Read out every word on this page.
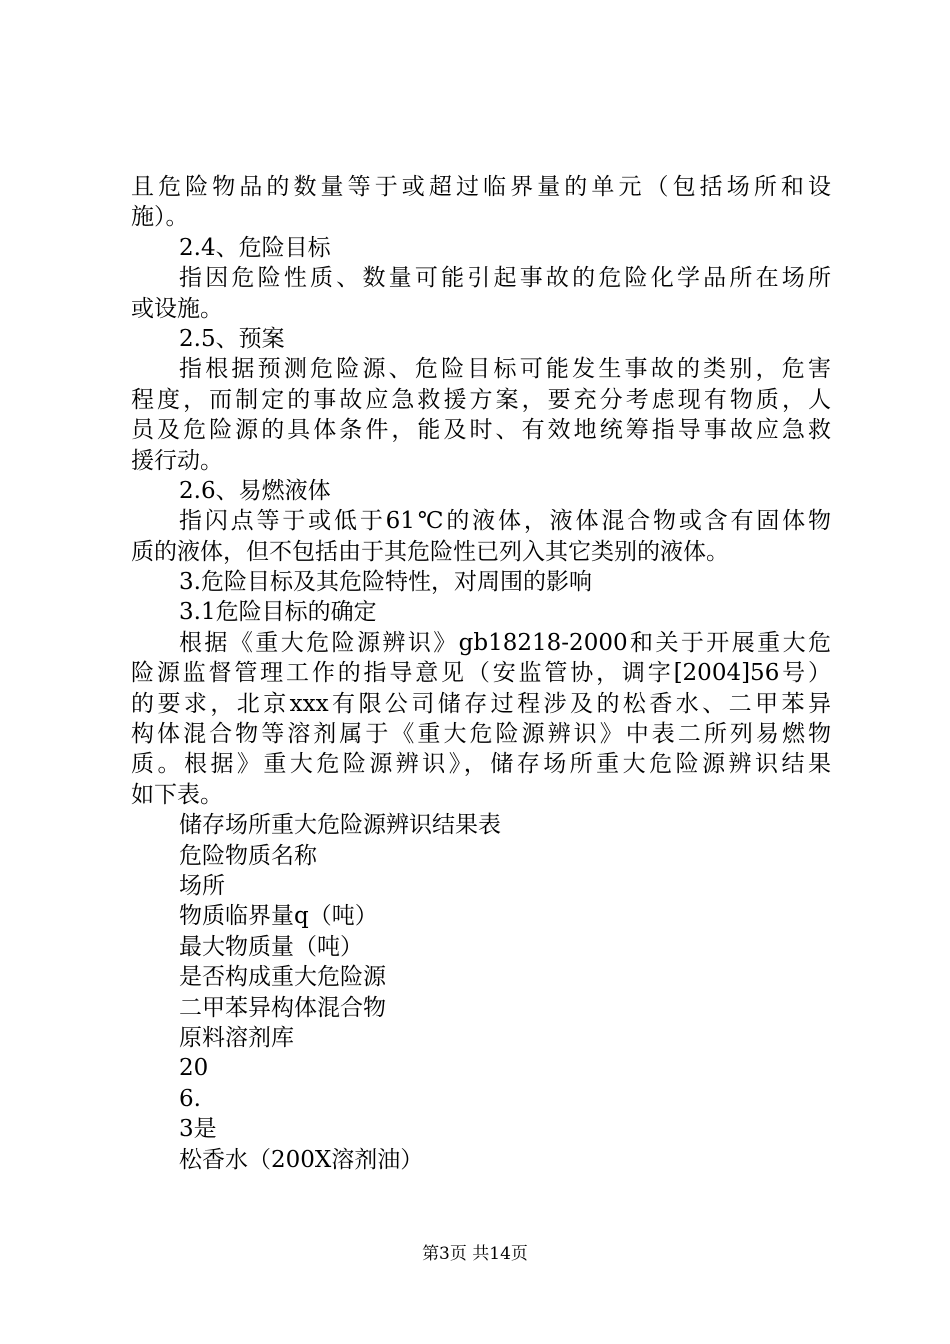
且危险物品的数量等于或超过临界量的单元（包括场所和设
施）。
2.4、危险目标
指因危险性质、数量可能引起事故的危险化学品所在场所
或设施。
2.5、预案
指根据预测危险源、危险目标可能发生事故的类别，危害
程度，而制定的事故应急救援方案，要充分考虑现有物质，人
员及危险源的具体条件，能及时、有效地统筹指导事故应急救
援行动。
2.6、易燃液体
指闪点等于或低于61℃的液体，液体混合物或含有固体物
质的液体，但不包括由于其危险性已列入其它类别的液体。
3.危险目标及其危险特性，对周围的影响
3.1危险目标的确定
根据《重大危险源辨识》gb18218-2000和关于开展重大危
险源监督管理工作的指导意见（安监管协，调字[2004]56号）
的要求，北京xxx有限公司储存过程涉及的松香水、二甲苯异
构体混合物等溶剂属于《重大危险源辨识》中表二所列易燃物
质。根据》重大危险源辨识》，储存场所重大危险源辨识结果
如下表。
储存场所重大危险源辨识结果表
危险物质名称
场所
物质临界量q（吨）
最大物质量（吨）
是否构成重大危险源
二甲苯异构体混合物
原料溶剂库
20
6.
3是
松香水（200X溶剂油）
第3页 共14页
